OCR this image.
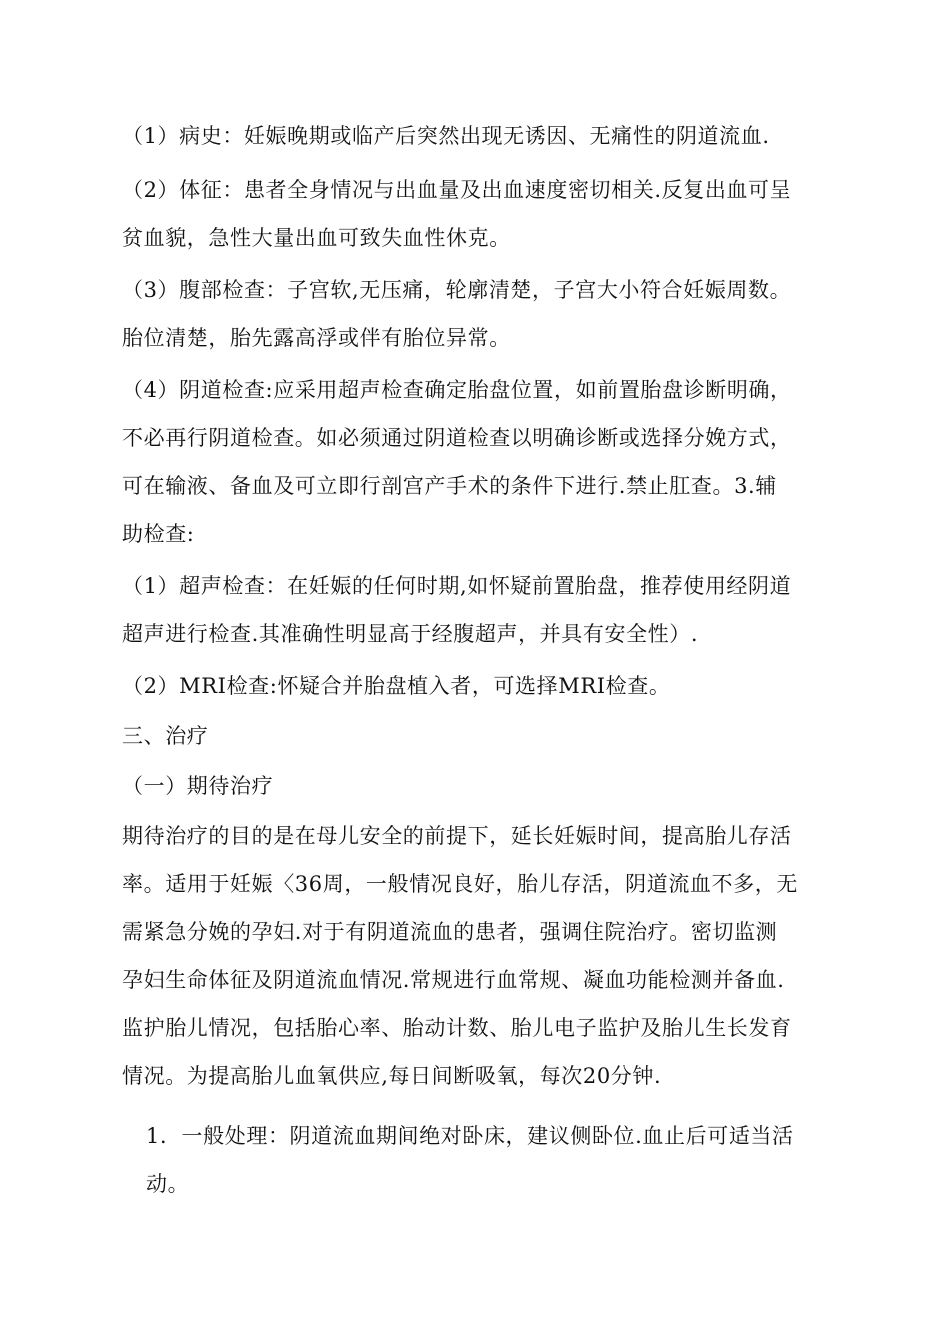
（1）病史：妊娠晚期或临产后突然出现无诱因、无痛性的阴道流血.

（2）体征：患者全身情况与出血量及出血速度密切相关.反复出血可呈
贫血貌，急性大量出血可致失血性休克。

（3）腹部检查：子宫软,无压痛，轮廓清楚，子宫大小符合妊娠周数。
胎位清楚，胎先露高浮或伴有胎位异常。

（4）阴道检查:应采用超声检查确定胎盘位置，如前置胎盘诊断明确，
不必再行阴道检查。如必须通过阴道检查以明确诊断或选择分娩方式，
可在输液、备血及可立即行剖宫产手术的条件下进行.禁止肛查。3.辅
助检查:

（1）超声检查：在妊娠的任何时期,如怀疑前置胎盘，推荐使用经阴道
超声进行检查.其准确性明显高于经腹超声，并具有安全性）.

（2）MRI检查:怀疑合并胎盘植入者，可选择MRI检查。

三、治疗

（一）期待治疗

期待治疗的目的是在母儿安全的前提下，延长妊娠时间，提高胎儿存活
率。适用于妊娠〈36周，一般情况良好，胎儿存活，阴道流血不多，无
需紧急分娩的孕妇.对于有阴道流血的患者，强调住院治疗。密切监测
孕妇生命体征及阴道流血情况.常规进行血常规、凝血功能检测并备血.
监护胎儿情况，包括胎心率、胎动计数、胎儿电子监护及胎儿生长发育
情况。为提高胎儿血氧供应,每日间断吸氧，每次20分钟.

1．一般处理：阴道流血期间绝对卧床，建议侧卧位.血止后可适当活
动。
